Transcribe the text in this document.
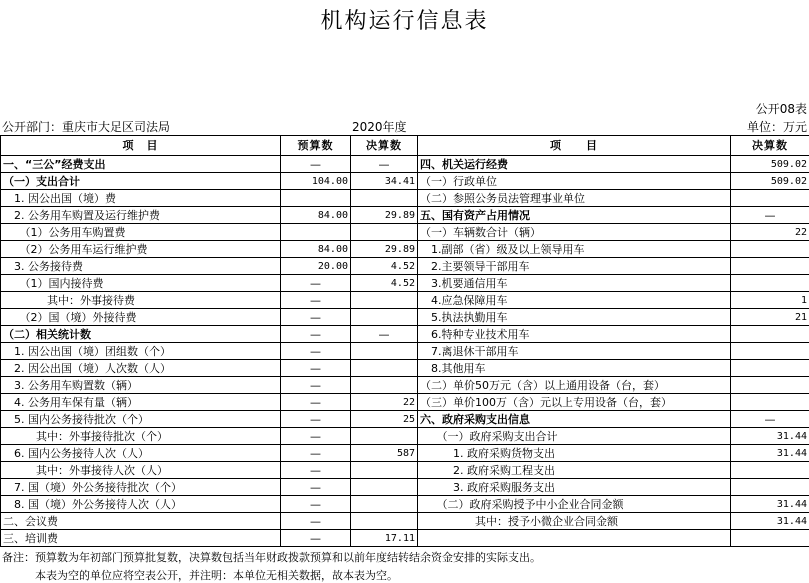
机构运行信息表
公开08表
公开部门：重庆市大足区司法局	2020年度	单位：万元
项　目	预算数	决算数	项　　目	决算数
一、“三公”经费支出	—	—	四、机关运行经费	509.02
（一）支出合计	104.00	34.41	（一）行政单位	509.02
　1. 因公出国（境）费			（二）参照公务员法管理事业单位	
　2. 公务用车购置及运行维护费	84.00	29.89	五、国有资产占用情况	—
　　（1）公务用车购置费			（一）车辆数合计（辆）	22
　　（2）公务用车运行维护费	84.00	29.89	　1.副部（省）级及以上领导用车	
　3. 公务接待费	20.00	4.52	　2.主要领导干部用车	
　　（1）国内接待费	—	4.52	　3.机要通信用车	
　　　　其中：外事接待费	—		　4.应急保障用车	1
　　（2）国（境）外接待费	—		　5.执法执勤用车	21
（二）相关统计数	—	—	　6.特种专业技术用车	
　1. 因公出国（境）团组数（个）	—		　7.离退休干部用车	
　2. 因公出国（境）人次数（人）	—		　8.其他用车	
　3. 公务用车购置数（辆）	—		（二）单价50万元（含）以上通用设备（台，套）	
　4. 公务用车保有量（辆）	—	22	（三）单价100万（含）元以上专用设备（台，套）	
　5. 国内公务接待批次（个）	—	25	六、政府采购支出信息	—
　　　其中：外事接待批次（个）	—		　　（一）政府采购支出合计	31.44
　6. 国内公务接待人次（人）	—	587	　　　1. 政府采购货物支出	31.44
　　　其中：外事接待人次（人）	—		　　　2. 政府采购工程支出	
　7. 国（境）外公务接待批次（个）	—		　　　3. 政府采购服务支出	
　8. 国（境）外公务接待人次（人）	—		　　（二）政府采购授予中小企业合同金额	31.44
二、会议费	—		　　　　　其中：授予小微企业合同金额	31.44
三、培训费	—	17.11		
备注：预算数为年初部门预算批复数，决算数包括当年财政拨款预算和以前年度结转结余资金安排的实际支出。
　　　本表为空的单位应将空表公开，并注明：本单位无相关数据，故本表为空。
